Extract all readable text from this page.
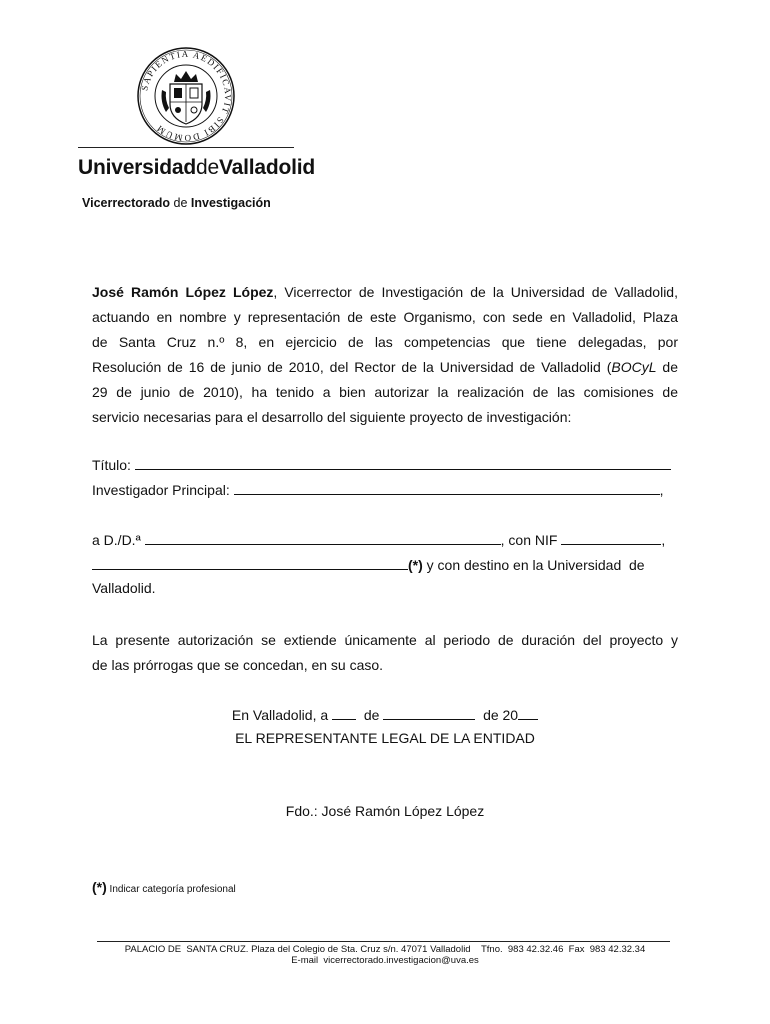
SAPIENTIA AEDIFICAVIT SIBI DOMUM
UniversidaddeValladolid
Vicerrectorado de Investigación
José Ramón López López, Vicerrector de Investigación de la Universidad de Valladolid,
actuando en nombre y representación de este Organismo, con sede en Valladolid, Plaza
de Santa Cruz n.º 8, en ejercicio de las competencias que tiene delegadas, por
Resolución de 16 de junio de 2010, del Rector de la Universidad de Valladolid (BOCyL de
29 de junio de 2010), ha tenido a bien autorizar la realización de las comisiones de
servicio necesarias para el desarrollo del siguiente proyecto de investigación:
Título:
Investigador Principal:	,
a D./D.ª	, con NIF	,
(*) y con destino en la Universidad  de
Valladolid.
La presente autorización se extiende únicamente al periodo de duración del proyecto y
de las prórrogas que se concedan, en su caso.
En Valladolid, a	de	de 20
EL REPRESENTANTE LEGAL DE LA ENTIDAD
Fdo.: José Ramón López López
(*) Indicar categoría profesional
PALACIO DE  SANTA CRUZ. Plaza del Colegio de Sta. Cruz s/n. 47071 Valladolid    Tfno.  983 42.32.46  Fax  983 42.32.34
E-mail  vicerrectorado.investigacion@uva.es
